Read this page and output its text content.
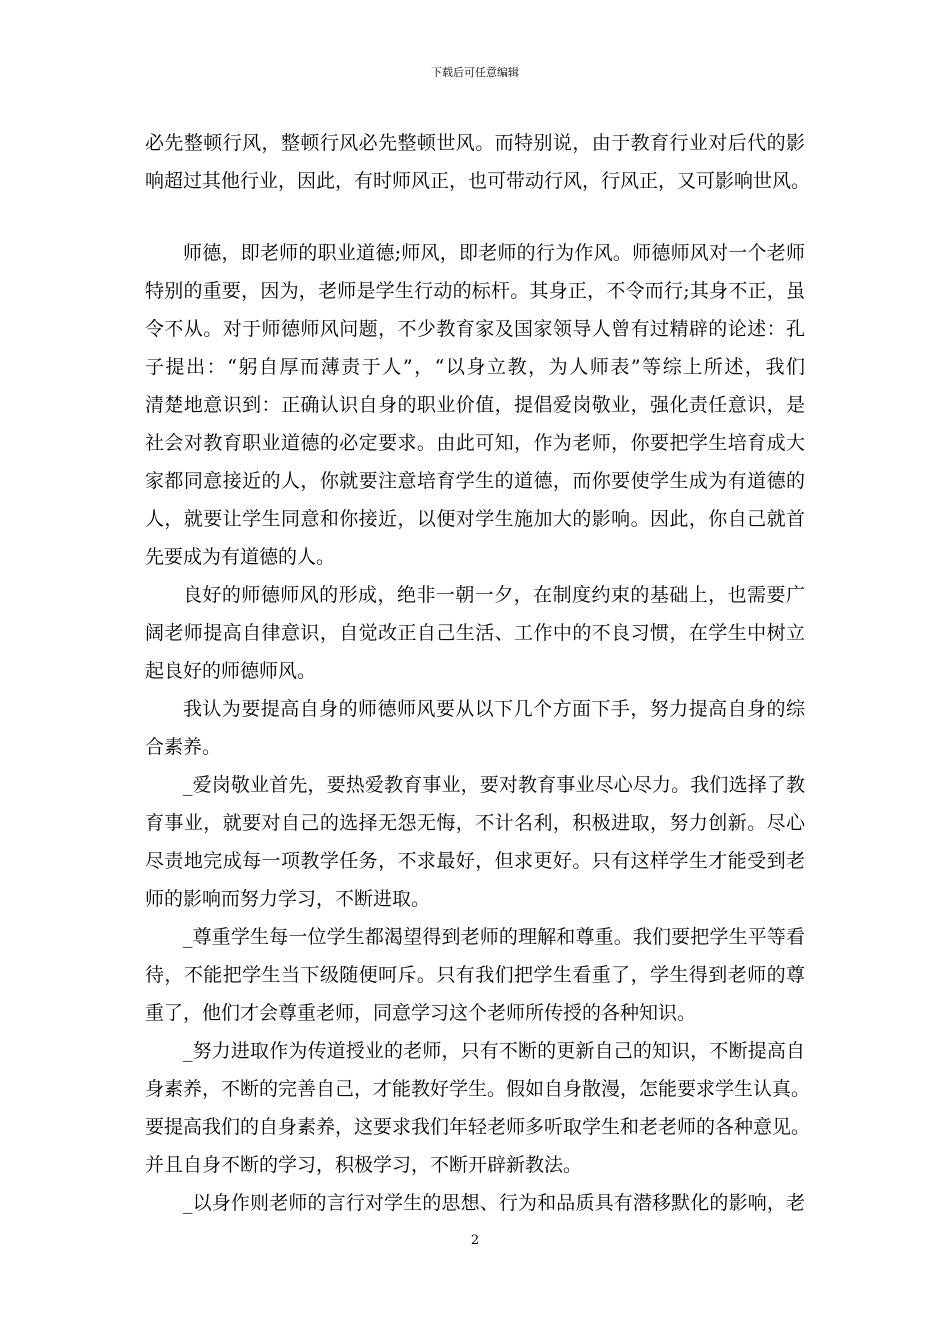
下载后可任意编辑
必先整顿行风，整顿行风必先整顿世风。而特别说，由于教育行业对后代的影
响超过其他行业，因此，有时师风正，也可带动行风，行风正，又可影响世风。
师德，即老师的职业道德;师风，即老师的行为作风。师德师风对一个老师
特别的重要，因为，老师是学生行动的标杆。其身正，不令而行;其身不正，虽
令不从。对于师德师风问题，不少教育家及国家领导人曾有过精辟的论述：孔
子提出：“躬自厚而薄责于人”，“以身立教，为人师表”等综上所述，我们
清楚地意识到：正确认识自身的职业价值，提倡爱岗敬业，强化责任意识，是
社会对教育职业道德的必定要求。由此可知，作为老师，你要把学生培育成大
家都同意接近的人，你就要注意培育学生的道德，而你要使学生成为有道德的
人，就要让学生同意和你接近，以便对学生施加大的影响。因此，你自己就首
先要成为有道德的人。
良好的师德师风的形成，绝非一朝一夕，在制度约束的基础上，也需要广
阔老师提高自律意识，自觉改正自己生活、工作中的不良习惯，在学生中树立
起良好的师德师风。
我认为要提高自身的师德师风要从以下几个方面下手，努力提高自身的综
合素养。
_爱岗敬业首先，要热爱教育事业，要对教育事业尽心尽力。我们选择了教
育事业，就要对自己的选择无怨无悔，不计名利，积极进取，努力创新。尽心
尽责地完成每一项教学任务，不求最好，但求更好。只有这样学生才能受到老
师的影响而努力学习，不断进取。
_尊重学生每一位学生都渴望得到老师的理解和尊重。我们要把学生平等看
待，不能把学生当下级随便呵斥。只有我们把学生看重了，学生得到老师的尊
重了，他们才会尊重老师，同意学习这个老师所传授的各种知识。
_努力进取作为传道授业的老师，只有不断的更新自己的知识，不断提高自
身素养，不断的完善自己，才能教好学生。假如自身散漫，怎能要求学生认真。
要提高我们的自身素养，这要求我们年轻老师多听取学生和老老师的各种意见。
并且自身不断的学习，积极学习，不断开辟新教法。
_以身作则老师的言行对学生的思想、行为和品质具有潜移默化的影响，老
2
